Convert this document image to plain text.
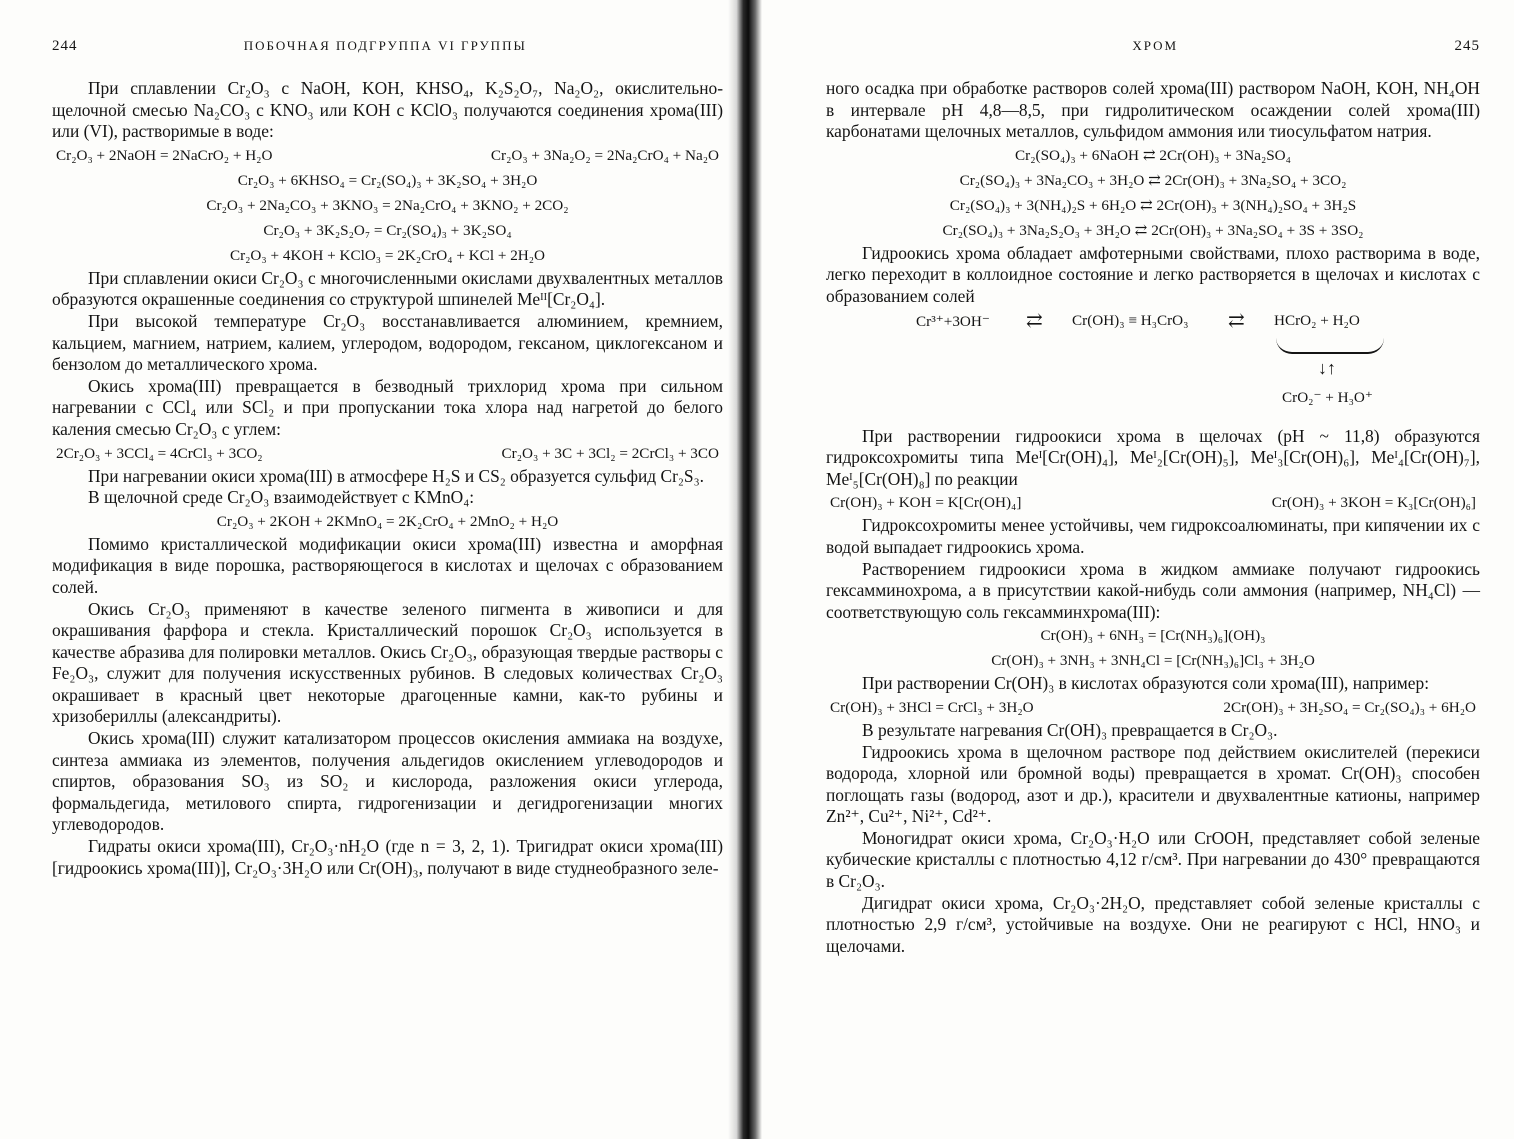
244	ПОБОЧНАЯ ПОДГРУППА VI ГРУППЫ

При сплавлении Cr₂O₃ с NaOH, KOH, KHSO₄, K₂S₂O₇, Na₂O₂, окислительно-щелочной смесью Na₂CO₃ с KNO₃ или KOH с KClO₃ получаются соединения хрома(III) или (VI), растворимые в воде:

Cr₂O₃ + 2NaOH = 2NaCrO₂ + H₂O	Cr₂O₃ + 3Na₂O₂ = 2Na₂CrO₄ + Na₂O
Cr₂O₃ + 6KHSO₄ = Cr₂(SO₄)₃ + 3K₂SO₄ + 3H₂O
Cr₂O₃ + 2Na₂CO₃ + 3KNO₃ = 2Na₂CrO₄ + 3KNO₂ + 2CO₂
Cr₂O₃ + 3K₂S₂O₇ = Cr₂(SO₄)₃ + 3K₂SO₄
Cr₂O₃ + 4KOH + KClO₃ = 2K₂CrO₄ + KCl + 2H₂O

При сплавлении окиси Cr₂O₃ с многочисленными окислами двухвалентных металлов образуются окрашенные соединения со структурой шпинелей Meᴵᴵ[Cr₂O₄].

При высокой температуре Cr₂O₃ восстанавливается алюминием, кремнием, кальцием, магнием, натрием, калием, углеродом, водородом, гексаном, циклогексаном и бензолом до металлического хрома.

Окись хрома(III) превращается в безводный трихлорид хрома при сильном нагревании с CCl₄ или SCl₂ и при пропускании тока хлора над нагретой до белого каления смесью Cr₂O₃ с углем:

2Cr₂O₃ + 3CCl₄ = 4CrCl₃ + 3CO₂	Cr₂O₃ + 3C + 3Cl₂ = 2CrCl₃ + 3CO

При нагревании окиси хрома(III) в атмосфере H₂S и CS₂ образуется сульфид Cr₂S₃.

В щелочной среде Cr₂O₃ взаимодействует с KMnO₄:

Cr₂O₃ + 2KOH + 2KMnO₄ = 2K₂CrO₄ + 2MnO₂ + H₂O

Помимо кристаллической модификации окиси хрома(III) известна и аморфная модификация в виде порошка, растворяющегося в кислотах и щелочах с образованием солей.

Окись Cr₂O₃ применяют в качестве зеленого пигмента в живописи и для окрашивания фарфора и стекла. Кристаллический порошок Cr₂O₃ используется в качестве абразива для полировки металлов. Окись Cr₂O₃, образующая твердые растворы с Fe₂O₃, служит для получения искусственных рубинов. В следовых количествах Cr₂O₃ окрашивает в красный цвет некоторые драгоценные камни, как-то рубины и хризобериллы (александриты).

Окись хрома(III) служит катализатором процессов окисления аммиака на воздухе, синтеза аммиака из элементов, получения альдегидов окислением углеводородов и спиртов, образования SO₃ из SO₂ и кислорода, разложения окиси углерода, формальдегида, метилового спирта, гидрогенизации и дегидрогенизации многих углеводородов.

Гидраты окиси хрома(III), Cr₂O₃·nH₂O (где n = 3, 2, 1). Тригидрат окиси хрома(III) [гидроокись хрома(III)], Cr₂O₃·3H₂O или Cr(OH)₃, получают в виде студнеобразного зеле-

ХРОМ	245

ного осадка при обработке растворов солей хрома(III) раствором NaOH, KOH, NH₄OH в интервале pH 4,8—8,5, при гидролитическом осаждении солей хрома(III) карбонатами щелочных металлов, сульфидом аммония или тиосульфатом натрия.

Cr₂(SO₄)₃ + 6NaOH ⇄ 2Cr(OH)₃ + 3Na₂SO₄
Cr₂(SO₄)₃ + 3Na₂CO₃ + 3H₂O ⇄ 2Cr(OH)₃ + 3Na₂SO₄ + 3CO₂
Cr₂(SO₄)₃ + 3(NH₄)₂S + 6H₂O ⇄ 2Cr(OH)₃ + 3(NH₄)₂SO₄ + 3H₂S
Cr₂(SO₄)₃ + 3Na₂S₂O₃ + 3H₂O ⇄ 2Cr(OH)₃ + 3Na₂SO₄ + 3S + 3SO₂

Гидроокись хрома обладает амфотерными свойствами, плохо растворима в воде, легко переходит в коллоидное состояние и легко растворяется в щелочах и кислотах с образованием солей

Cr³⁺+3OH⁻ ⇄ Cr(OH)₃ ≡ H₃CrO₃ ⇄ HCrO₂ + H₂O
↓↑
CrO₂⁻ + H₃O⁺

При растворении гидроокиси хрома в щелочах (pH ~ 11,8) образуются гидроксохромиты типа Meᴵ[Cr(OH)₄], Meᴵ₂[Cr(OH)₅], Meᴵ₃[Cr(OH)₆], Meᴵ₄[Cr(OH)₇], Meᴵ₅[Cr(OH)₈] по реакции

Cr(OH)₃ + KOH = K[Cr(OH)₄]	Cr(OH)₃ + 3KOH = K₃[Cr(OH)₆]

Гидроксохромиты менее устойчивы, чем гидроксоалюминаты, при кипячении их с водой выпадает гидроокись хрома.

Растворением гидроокиси хрома в жидком аммиаке получают гидроокись гексамминохрома, а в присутствии какой-нибудь соли аммония (например, NH₄Cl) — соответствующую соль гексамминхрома(III):

Cr(OH)₃ + 6NH₃ = [Cr(NH₃)₆](OH)₃
Cr(OH)₃ + 3NH₃ + 3NH₄Cl = [Cr(NH₃)₆]Cl₃ + 3H₂O

При растворении Cr(OH)₃ в кислотах образуются соли хрома(III), например:

Cr(OH)₃ + 3HCl = CrCl₃ + 3H₂O	2Cr(OH)₃ + 3H₂SO₄ = Cr₂(SO₄)₃ + 6H₂O

В результате нагревания Cr(OH)₃ превращается в Cr₂O₃.

Гидроокись хрома в щелочном растворе под действием окислителей (перекиси водорода, хлорной или бромной воды) превращается в хромат. Cr(OH)₃ способен поглощать газы (водород, азот и др.), красители и двухвалентные катионы, например Zn²⁺, Cu²⁺, Ni²⁺, Cd²⁺.

Моногидрат окиси хрома, Cr₂O₃·H₂O или CrOOH, представляет собой зеленые кубические кристаллы с плотностью 4,12 г/см³. При нагревании до 430° превращаются в Cr₂O₃.

Дигидрат окиси хрома, Cr₂O₃·2H₂O, представляет собой зеленые кристаллы с плотностью 2,9 г/см³, устойчивые на воздухе. Они не реагируют с HCl, HNO₃ и щелочами.
